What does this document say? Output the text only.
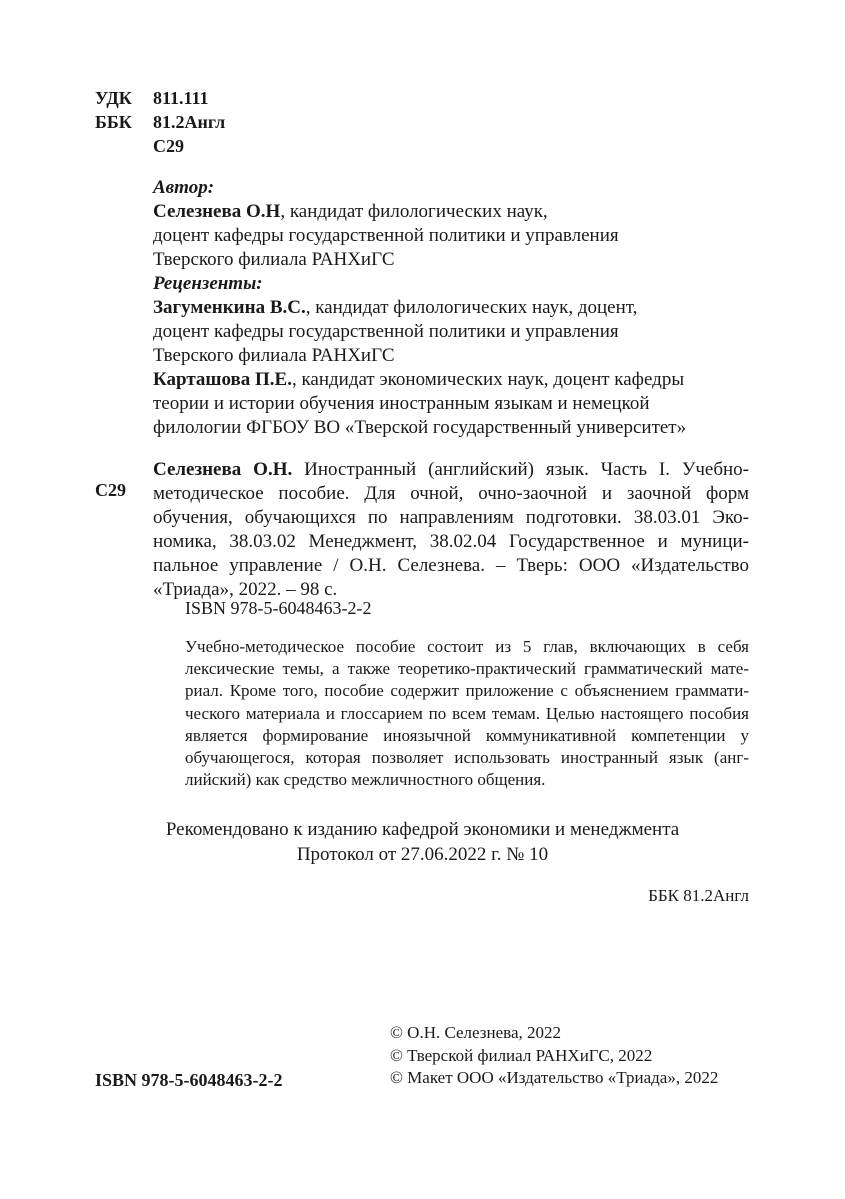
УДК	811.111
ББК	81.2Англ
С29
Автор:
Селезнева О.Н, кандидат филологических наук,
доцент кафедры государственной политики и управления
Тверского филиала РАНХиГС
Рецензенты:
Загуменкина В.С., кандидат филологических наук, доцент,
доцент кафедры государственной политики и управления
Тверского филиала РАНХиГС
Карташова П.Е., кандидат экономических наук, доцент кафедры
теории и истории обучения иностранным языкам и немецкой
филологии ФГБОУ ВО «Тверской государственный университет»
С29
Селезнева О.Н. Иностранный (английский) язык. Часть I. Учебно-
методическое пособие. Для очной, очно-заочной и заочной форм
обучения, обучающихся по направлениям подготовки. 38.03.01 Эко-
номика, 38.03.02 Менеджмент, 38.02.04 Государственное и муници-
пальное управление / О.Н. Селезнева. – Тверь: ООО «Издательство
«Триада», 2022. – 98 с.
ISBN 978-5-6048463-2-2
Учебно-методическое пособие состоит из 5 глав, включающих в себя
лексические темы, а также теоретико-практический грамматический мате-
риал. Кроме того, пособие содержит приложение с объяснением граммати-
ческого материала и глоссарием по всем темам. Целью настоящего пособия
является формирование иноязычной коммуникативной компетенции у
обучающегося, которая позволяет использовать иностранный язык (анг-
лийский) как средство межличностного общения.
Рекомендовано к изданию кафедрой экономики и менеджмента
Протокол от 27.06.2022 г. № 10
ББК 81.2Англ
© О.Н. Селезнева, 2022
© Тверской филиал РАНХиГС, 2022
© Макет ООО «Издательство «Триада», 2022
ISBN 978-5-6048463-2-2
